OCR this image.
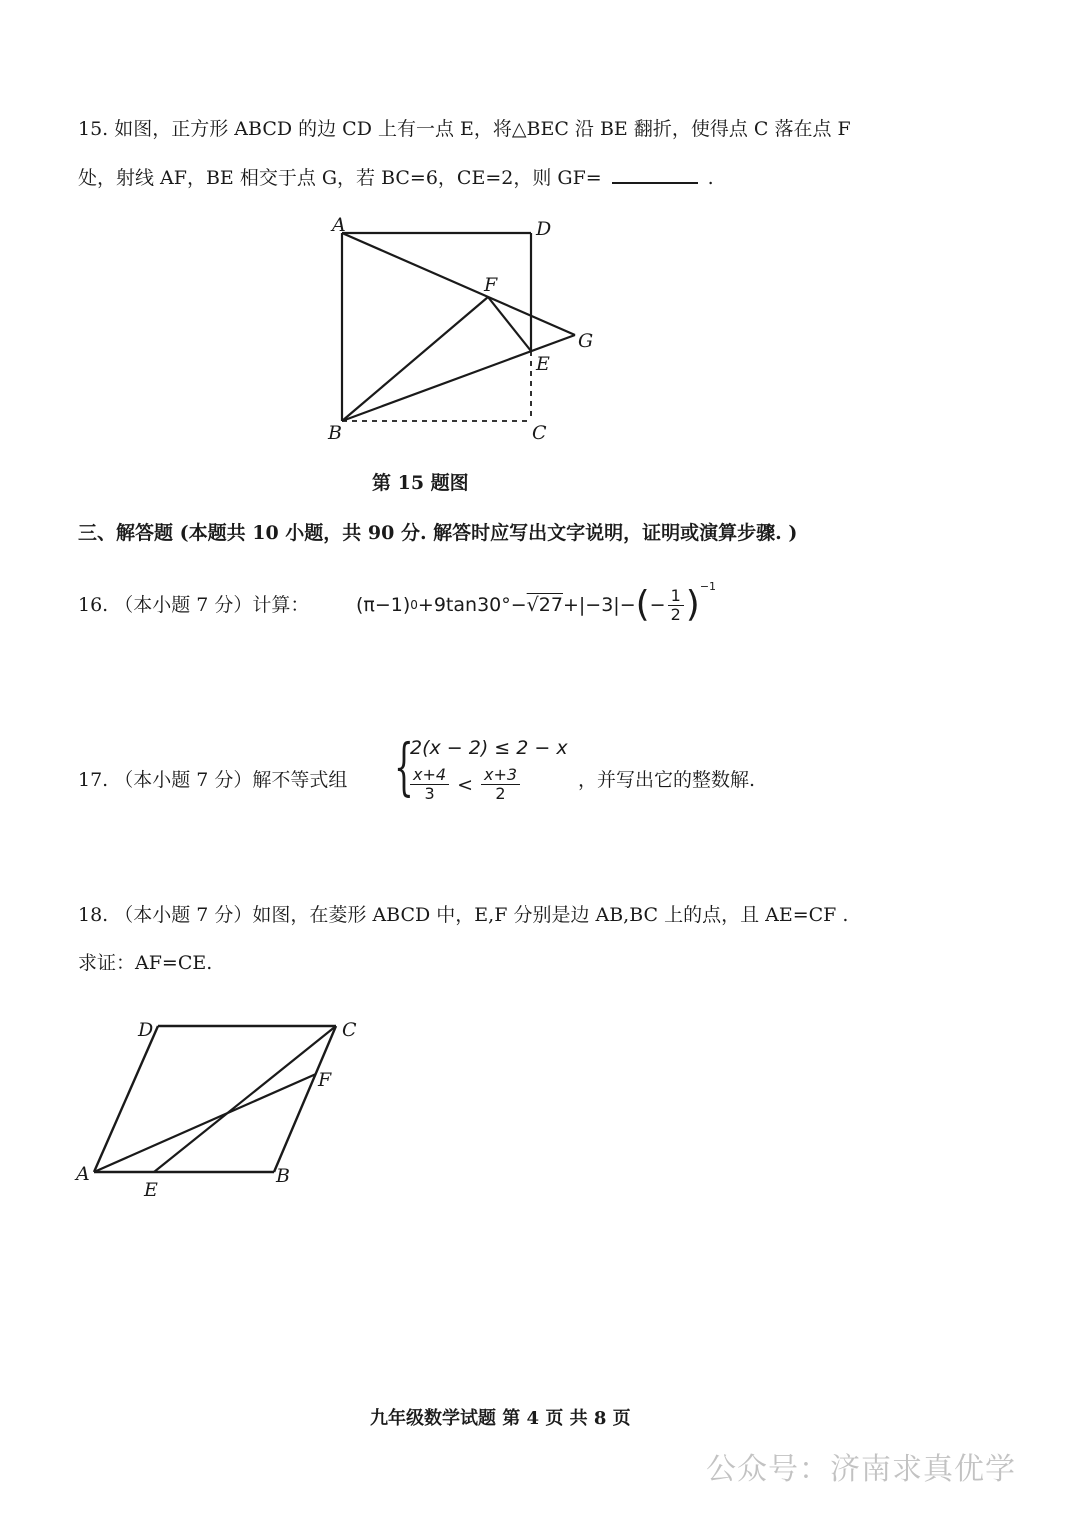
15. 如图，正方形 ABCD 的边 CD 上有一点 E，将△BEC 沿 BE 翻折，使得点 C 落在点 F
处，射线 AF，BE 相交于点 G，若 BC=6，CE=2，则 GF=	.
A	D
B	C
E
F
G
第 15 题图
三、解答题 (本题共 10 小题，共 90 分. 解答时应写出文字说明，证明或演算步骤. )
16. （本小题 7 分）计算： (π−1) 0 +9tan30°− √27 +|−3|− ( − $\frac{1}{2} )^{-1}$
17. （本小题 7 分）解不等式组 {
2(x − 2) ≤ 2 − x
$\frac{x+4}{3} < \frac{x+3}{2}$	，并写出它的整数解.
18. （本小题 7 分）如图，在菱形 ABCD 中，E,F 分别是边 AB,BC 上的点，且 AE=CF .
求证：AF=CE.
D	C
F
A	B
E
九年级数学试题 第 4 页 共 8 页
公众号：济南求真优学
